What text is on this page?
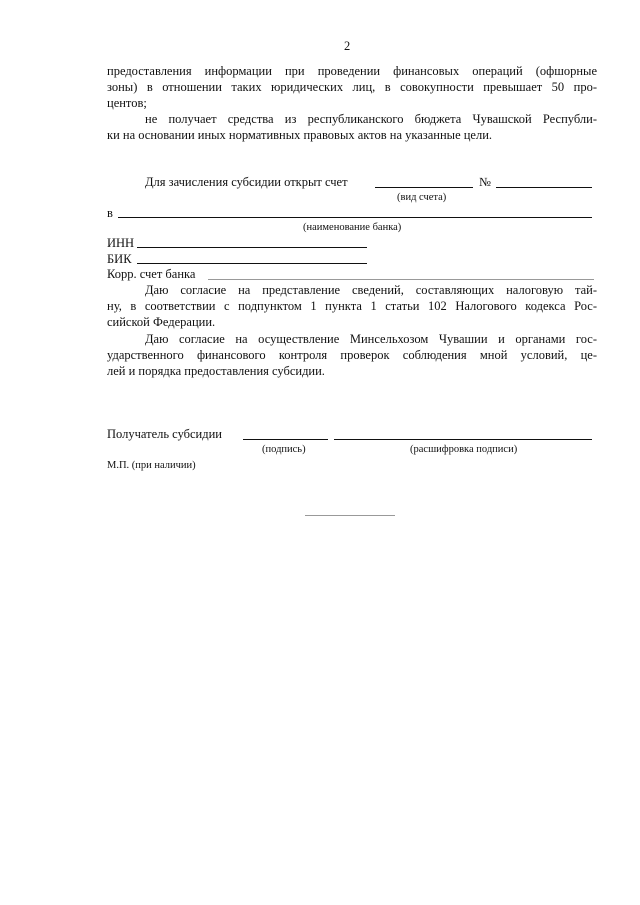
2
предоставления информации при проведении финансовых операций (офшорные
зоны) в отношении таких юридических лиц, в совокупности превышает 50 про-
центов;
не получает средства из республиканского бюджета Чувашской Республи-
ки на основании иных нормативных правовых актов на указанные цели.
Для зачисления субсидии открыт счет	№
(вид счета)
в
(наименование банка)
ИНН
БИК
Корр. счет банка
Даю согласие на представление сведений, составляющих налоговую тай-
ну, в соответствии с подпунктом 1 пункта 1 статьи 102 Налогового кодекса Рос-
сийской Федерации.
Даю согласие на осуществление Минсельхозом Чувашии и органами гос-
ударственного финансового контроля проверок соблюдения мной условий, це-
лей и порядка предоставления субсидии.
Получатель субсидии
(подпись)	(расшифровка подписи)
М.П. (при наличии)
